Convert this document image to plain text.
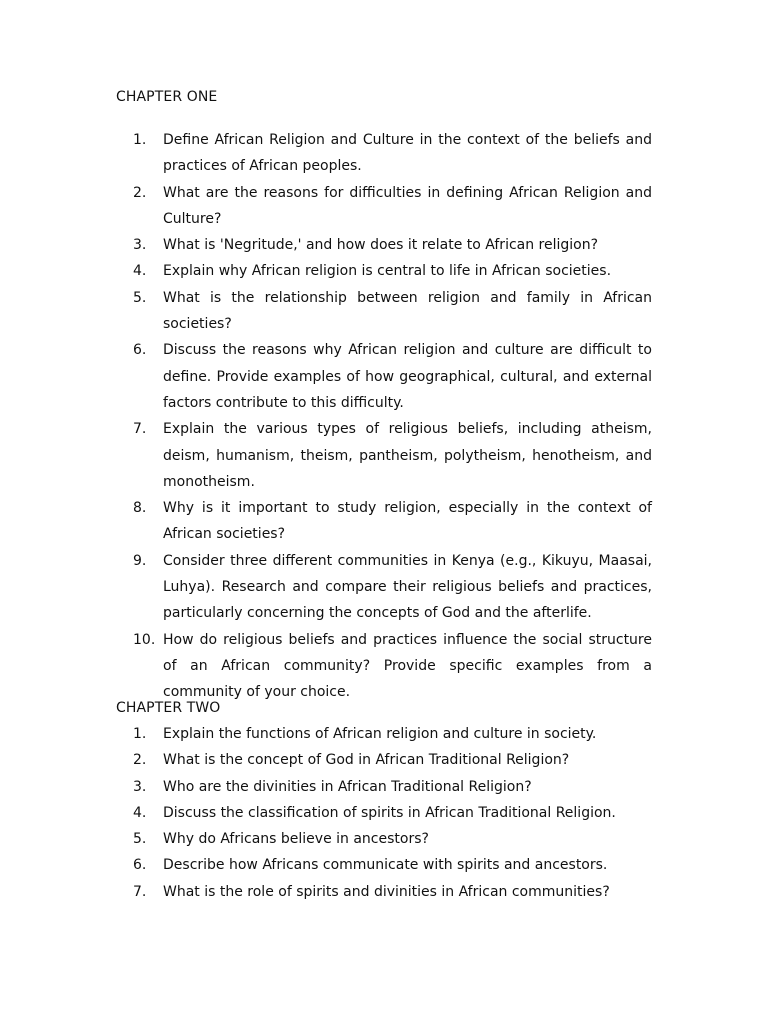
CHAPTER ONE
1.	Define African Religion and Culture in the context of the beliefs and practices of African peoples.
2.	What are the reasons for difficulties in defining African Religion and Culture?
3.	What is 'Negritude,' and how does it relate to African religion?
4.	Explain why African religion is central to life in African societies.
5.	What is the relationship between religion and family in African societies?
6.	Discuss the reasons why African religion and culture are difficult to define. Provide examples of how geographical, cultural, and external factors contribute to this difficulty.
7.	Explain the various types of religious beliefs, including atheism, deism, humanism, theism, pantheism, polytheism, henotheism, and monotheism.
8.	Why is it important to study religion, especially in the context of African societies?
9.	Consider three different communities in Kenya (e.g., Kikuyu, Maasai, Luhya). Research and compare their religious beliefs and practices, particularly concerning the concepts of God and the afterlife.
10. How do religious beliefs and practices influence the social structure of an African community? Provide specific examples from a community of your choice.
CHAPTER TWO
1.	Explain the functions of African religion and culture in society.
2.	What is the concept of God in African Traditional Religion?
3.	Who are the divinities in African Traditional Religion?
4.	Discuss the classification of spirits in African Traditional Religion.
5.	Why do Africans believe in ancestors?
6.	Describe how Africans communicate with spirits and ancestors.
7.	What is the role of spirits and divinities in African communities?
